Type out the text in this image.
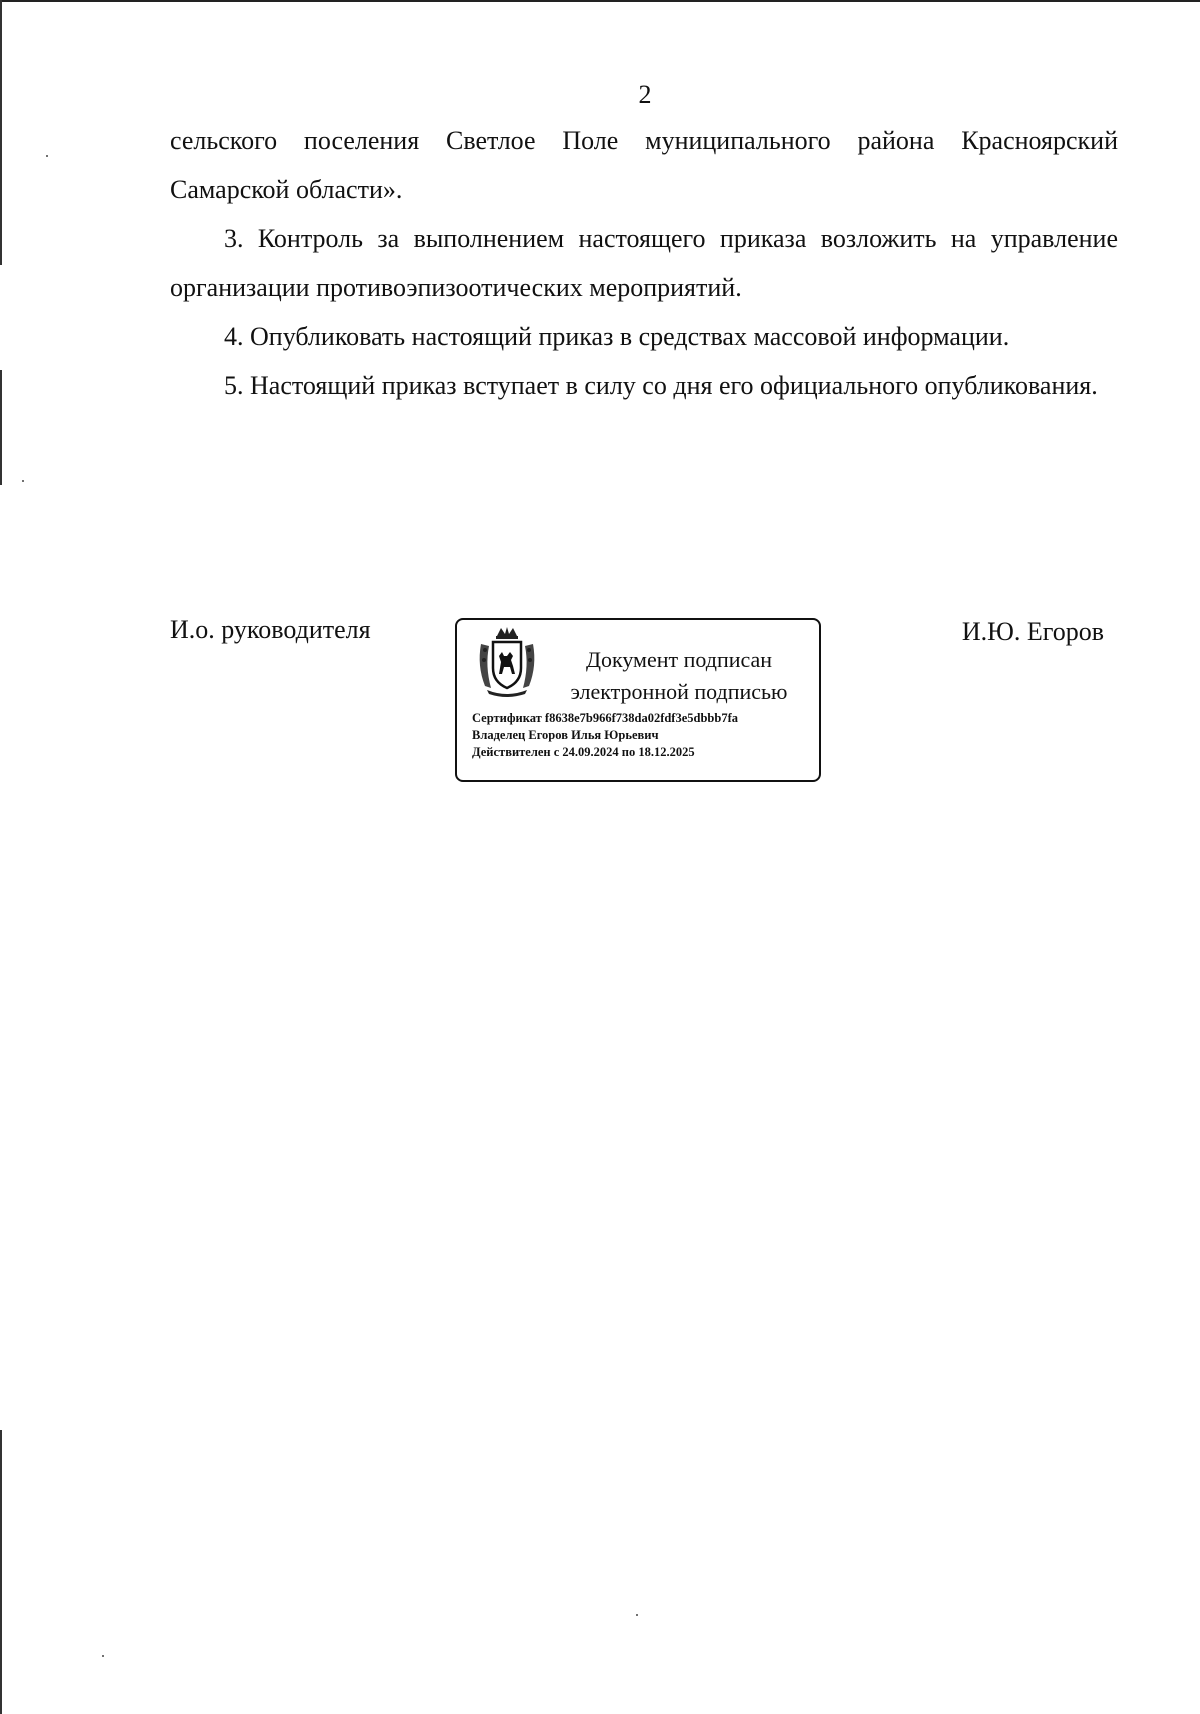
2

сельского поселения Светлое Поле муниципального района Красноярский Самарской области».

3. Контроль за выполнением настоящего приказа возложить на управление организации противоэпизоотических мероприятий.

4. Опубликовать настоящий приказ в средствах массовой информации.

5. Настоящий приказ вступает в силу со дня его официального опубликования.

И.о. руководителя
Документ подписан
электронной подписью
Сертификат f8638e7b966f738da02fdf3e5dbbb7fa
Владелец Егоров Илья Юрьевич
Действителен с 24.09.2024 по 18.12.2025
И.Ю. Егоров
